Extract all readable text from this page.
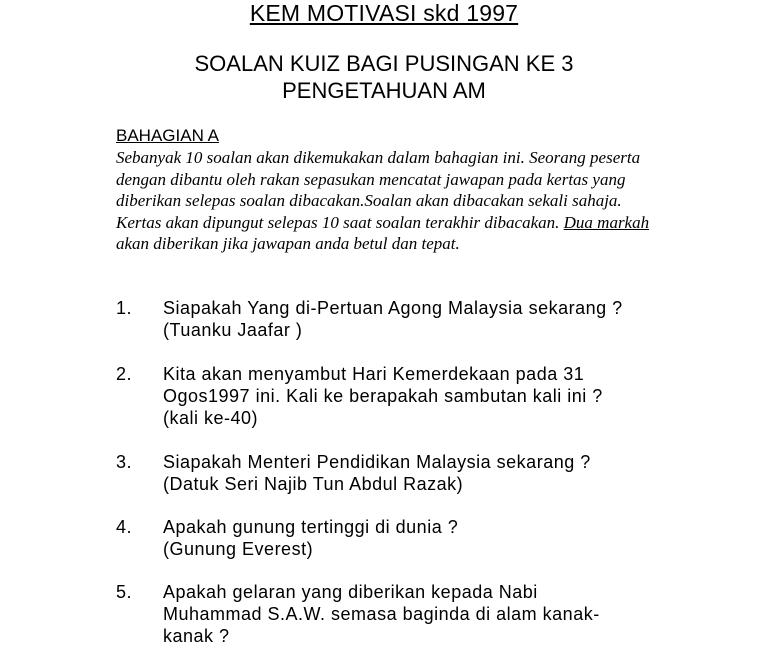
KEM MOTIVASI skd 1997
SOALAN KUIZ BAGI PUSINGAN KE 3
PENGETAHUAN AM
BAHAGIAN A
Sebanyak 10 soalan akan dikemukakan dalam bahagian ini. Seorang peserta dengan dibantu oleh rakan sepasukan mencatat jawapan pada kertas yang diberikan selepas soalan dibacakan.Soalan akan dibacakan sekali sahaja. Kertas akan dipungut selepas 10 saat soalan terakhir dibacakan. Dua markah akan diberikan jika jawapan anda betul dan tepat.
1. Siapakah Yang di-Pertuan Agong Malaysia sekarang ?
(Tuanku Jaafar )
2. Kita akan menyambut Hari Kemerdekaan pada 31
Ogos1997 ini. Kali ke berapakah sambutan kali ini ?
(kali ke-40)
3. Siapakah Menteri Pendidikan Malaysia sekarang ?
(Datuk Seri Najib Tun Abdul Razak)
4. Apakah gunung tertinggi di dunia ?
(Gunung Everest)
5. Apakah gelaran yang diberikan kepada Nabi
Muhammad S.A.W. semasa baginda di alam kanak-
kanak ?
